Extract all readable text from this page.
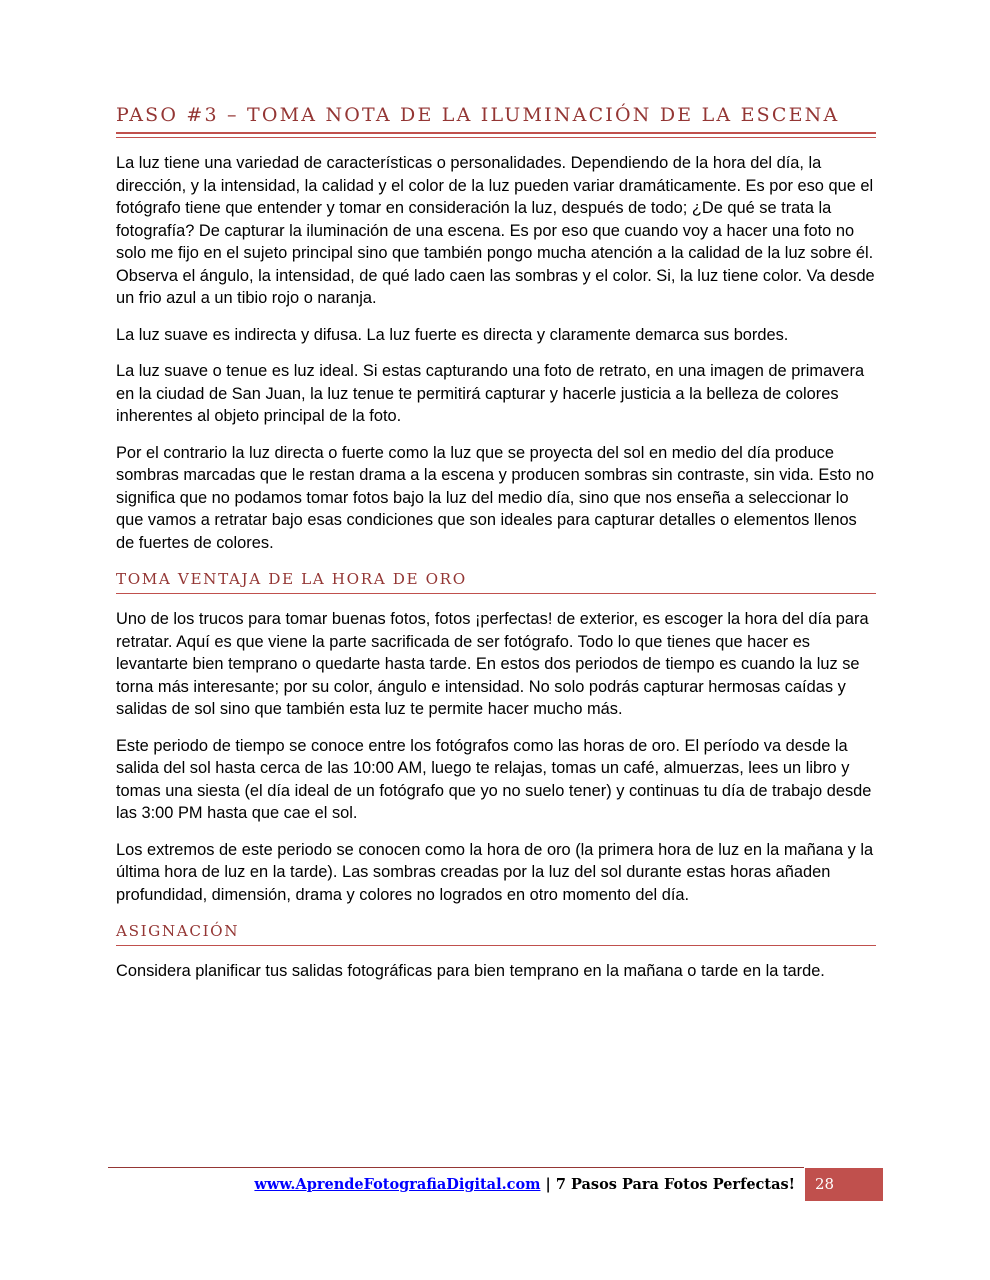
PASO #3 – TOMA NOTA DE LA ILUMINACIÓN DE LA ESCENA

La luz tiene una variedad de características o personalidades. Dependiendo de la hora del día, la dirección, y la intensidad, la calidad y el color de la luz pueden variar dramáticamente. Es por eso que el fotógrafo tiene que entender y tomar en consideración la luz, después de todo; ¿De qué se trata la fotografía? De capturar la iluminación de una escena. Es por eso que cuando voy a hacer una foto no solo me fijo en el sujeto principal sino que también pongo mucha atención a la calidad de la luz sobre él. Observa el ángulo, la intensidad, de qué lado caen las sombras y el color. Si, la luz tiene color. Va desde un frio azul a un tibio rojo o naranja.

La luz suave es indirecta y difusa. La luz fuerte es directa y claramente demarca sus bordes.

La luz suave o tenue es luz ideal. Si estas capturando una foto de retrato, en una imagen de primavera en la ciudad de San Juan, la luz tenue te permitirá capturar y hacerle justicia a la belleza de colores inherentes al objeto principal de la foto.

Por el contrario la luz directa o fuerte como la luz que se proyecta del sol en medio del día produce sombras marcadas que le restan drama a la escena y producen sombras sin contraste, sin vida. Esto no significa que no podamos tomar fotos bajo la luz del medio día, sino que nos enseña a seleccionar lo que vamos a retratar bajo esas condiciones que son ideales para capturar detalles o elementos llenos de fuertes de colores.

TOMA VENTAJA DE LA HORA DE ORO

Uno de los trucos para tomar buenas fotos, fotos ¡perfectas! de exterior, es escoger la hora del día para retratar. Aquí es que viene la parte sacrificada de ser fotógrafo. Todo lo que tienes que hacer es levantarte bien temprano o quedarte hasta tarde. En estos dos periodos de tiempo es cuando la luz se torna más interesante; por su color, ángulo e intensidad. No solo podrás capturar hermosas caídas y salidas de sol sino que también esta luz te permite hacer mucho más.

Este periodo de tiempo se conoce entre los fotógrafos como las horas de oro. El período va desde la salida del sol hasta cerca de las 10:00 AM, luego te relajas, tomas un café, almuerzas, lees un libro y tomas una siesta (el día ideal de un fotógrafo que yo no suelo tener) y continuas tu día de trabajo desde las 3:00 PM hasta que cae el sol.

Los extremos de este periodo se conocen como la hora de oro (la primera hora de luz en la mañana y la última hora de luz en la tarde). Las sombras creadas por la luz del sol durante estas horas añaden profundidad, dimensión, drama y colores no logrados en otro momento del día.

ASIGNACIÓN

Considera planificar tus salidas fotográficas para bien temprano en la mañana o tarde en la tarde.

www.AprendeFotografiaDigital.com | 7 Pasos Para Fotos Perfectas!	28
